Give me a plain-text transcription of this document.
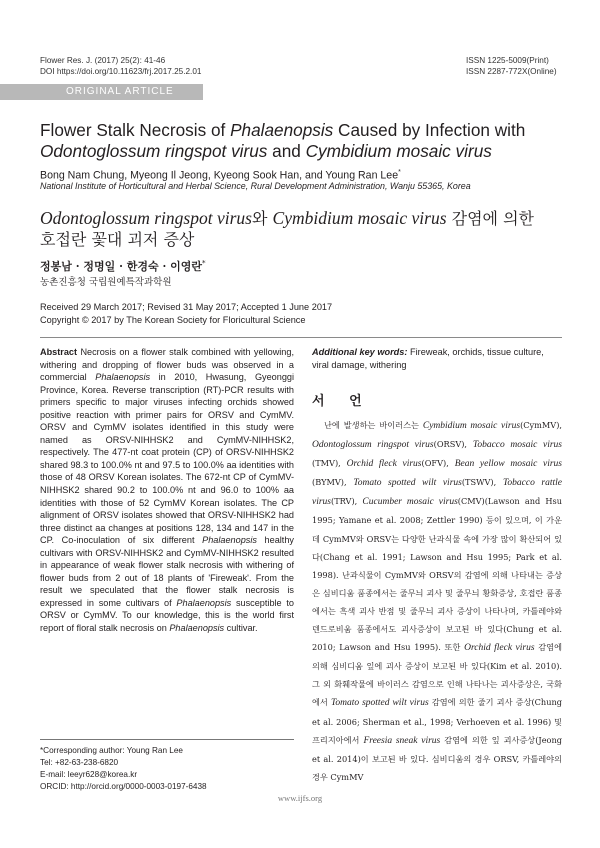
Flower Res. J. (2017) 25(2): 41-46
DOI https://doi.org/10.11623/frj.2017.25.2.01
ISSN 1225-5009(Print)
ISSN 2287-772X(Online)
ORIGINAL ARTICLE
Flower Stalk Necrosis of Phalaenopsis Caused by Infection with
Odontoglossum ringspot virus and Cymbidium mosaic virus
Bong Nam Chung, Myeong Il Jeong, Kyeong Sook Han, and Young Ran Lee*
National Institute of Horticultural and Herbal Science, Rural Development Administration, Wanju 55365, Korea
Odontoglossum ringspot virus와 Cymbidium mosaic virus 감염에 의한
호접란 꽃대 괴저 증상
정봉남 · 정명일 · 한경숙 · 이영란*
농촌진흥청 국립원예특작과학원
Received 29 March 2017; Revised 31 May 2017; Accepted 1 June 2017
Copyright © 2017 by The Korean Society for Floricultural Science
Abstract Necrosis on a flower stalk combined with yellowing, withering and dropping of flower buds was observed in a commercial Phalaenopsis in 2010, Hwasung, Gyeonggi Province, Korea. Reverse transcription (RT)-PCR results with primers specific to major viruses infecting orchids showed positive reaction with primer pairs for ORSV and CymMV. ORSV and CymMV isolates identified in this study were named as ORSV-NIHHSK2 and CymMV-NIHHSK2, respectively. The 477-nt coat protein (CP) of ORSV-NIHHSK2 shared 98.3 to 100.0% nt and 97.5 to 100.0% aa identities with those of 48 ORSV Korean isolates. The 672-nt CP of CymMV-NIHHSK2 shared 90.2 to 100.0% nt and 96.0 to 100% aa identities with those of 52 CymMV Korean isolates. The CP alignment of ORSV isolates showed that ORSV-NIHHSK2 had three distinct aa changes at positions 128, 134 and 147 in the CP. Co-inoculation of six different Phalaenopsis healthy cultivars with ORSV-NIHHSK2 and CymMV-NIHHSK2 resulted in appearance of weak flower stalk necrosis with withering of flower buds from 2 out of 18 plants of 'Fireweak'. From the result we speculated that the flower stalk necrosis is expressed in some cultivars of Phalaenopsis susceptible to ORSV or CymMV. To our knowledge, this is the world first report of floral stalk necrosis on Phalaenopsis cultivar.
*Corresponding author: Young Ran Lee
Tel: +82-63-238-6820
E-mail: leeyr628@korea.kr
ORCID: http://orcid.org/0000-0003-0197-6438
Additional key words: Fireweak, orchids, tissue culture, viral damage, withering
서 언
난에 발생하는 바이러스는 Cymbidium mosaic virus(CymMV), Odontoglossum ringspot virus(ORSV), Tobacco mosaic virus (TMV), Orchid fleck virus(OFV), Bean yellow mosaic virus (BYMV), Tomato spotted wilt virus(TSWV), Tobacco rattle virus(TRV), Cucumber mosaic virus(CMV)(Lawson and Hsu 1995; Yamane et al. 2008; Zettler 1990) 등이 있으며, 이 가운데 CymMV와 ORSV는 다양한 난과식물 속에 가장 많이 확산되어 있다(Chang et al. 1991; Lawson and Hsu 1995; Park et al. 1998). 난과식물이 CymMV와 ORSV의 감염에 의해 나타내는 증상은 심비디움 품종에서는 줄무늬 괴사 및 줄무늬 황화증상, 호접란 품종에서는 흑색 괴사 반점 및 줄무늬 괴사 증상이 나타나며, 카틀레야와 덴드로비움 품종에서도 괴사증상이 보고된 바 있다(Chung et al. 2010; Lawson and Hsu 1995). 또한 Orchid fleck virus 감염에 의해 심비디움 잎에 괴사 증상이 보고된 바 있다(Kim et al. 2010). 그 외 화훼작물에 바이러스 감염으로 인해 나타나는 괴사증상은, 국화에서 Tomato spotted wilt virus 감염에 의한 줄기 괴사 증상(Chung et al. 2006; Sherman et al., 1998; Verhoeven et al. 1996) 및 프리지아에서 Freesia sneak virus 감염에 의한 잎 괴사증상(Jeong et al. 2014)이 보고된 바 있다. 심비디움의 경우 ORSV, 카틀레야의 경우 CymMV
www.ijfs.org
